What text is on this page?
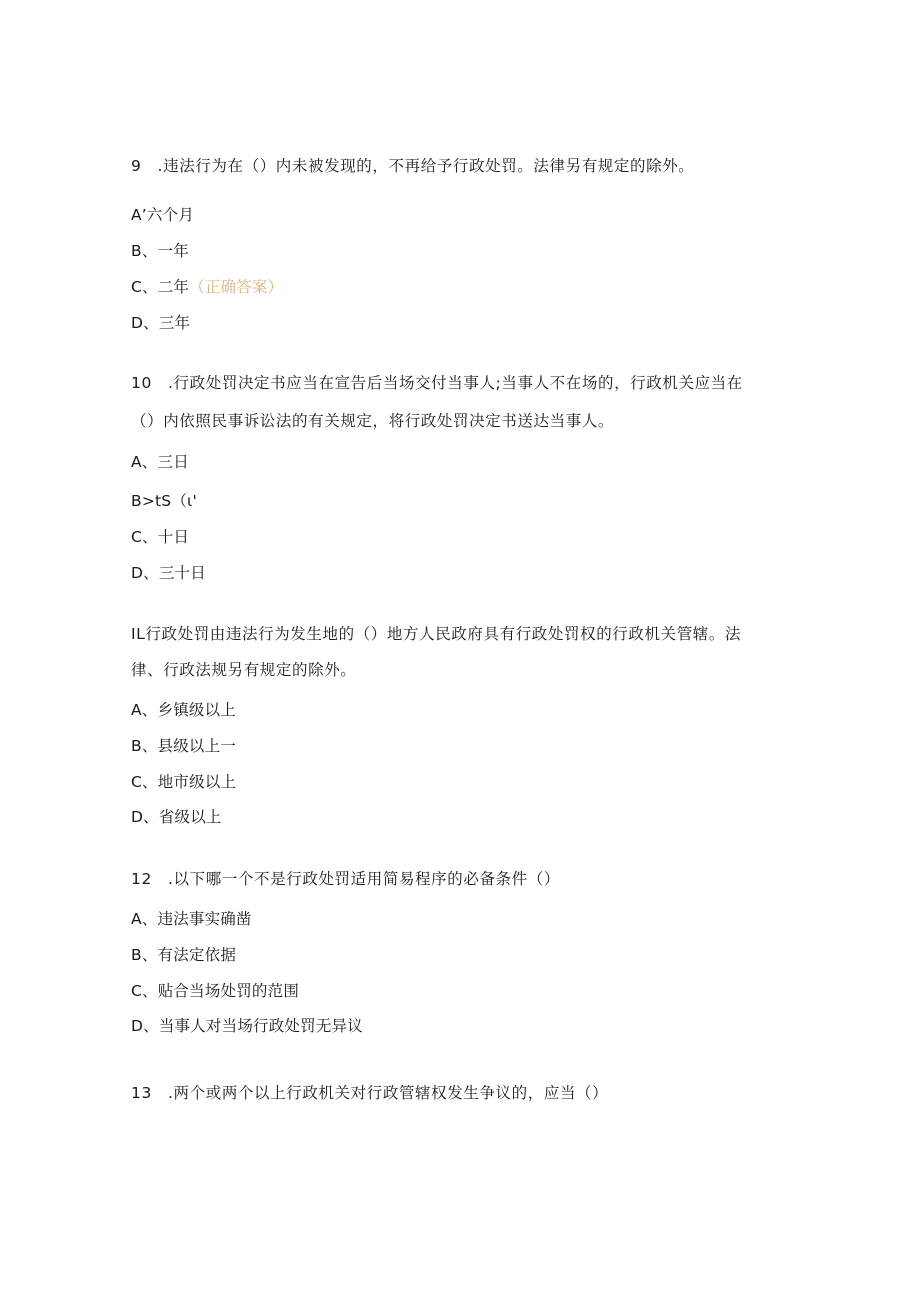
9　.违法行为在（）内未被发现的，不再给予行政处罚。法律另有规定的除外。
A’六个月
B、一年
C、二年（正确答案）
D、三年
10　.行政处罚决定书应当在宣告后当场交付当事人;当事人不在场的，行政机关应当在
（）内依照民事诉讼法的有关规定，将行政处罚决定书送达当事人。
A、三日
B>tS（ι'
C、十日
D、三十日
IL行政处罚由违法行为发生地的（）地方人民政府具有行政处罚权的行政机关管辖。法
律、行政法规另有规定的除外。
A、乡镇级以上
B、县级以上一
C、地市级以上
D、省级以上
12　.以下哪一个不是行政处罚适用简易程序的必备条件（）
A、违法事实确凿
B、有法定依据
C、贴合当场处罚的范围
D、当事人对当场行政处罚无异议
13　.两个或两个以上行政机关对行政管辖权发生争议的，应当（）
